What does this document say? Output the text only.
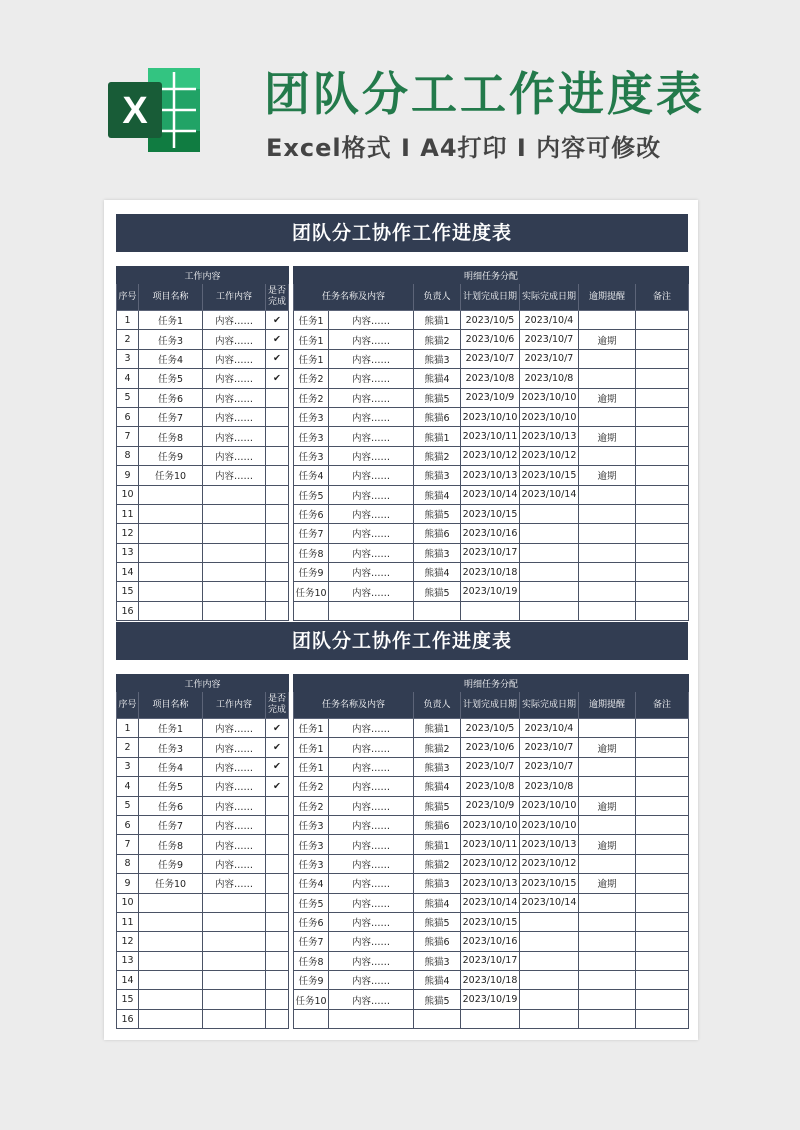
X	团队分工工作进度表
Excel格式 I A4打印 I 内容可修改
团队分工协作工作进度表
工作内容			
序号	项目名称	工作内容	是否完成
1	任务1	内容……	✔
2	任务3	内容……	✔
3	任务4	内容……	✔
4	任务5	内容……	✔
5	任务6	内容……	
6	任务7	内容……	
7	任务8	内容……	
8	任务9	内容……	
9	任务10	内容……	
10			
11			
12			
13			
14			
15			
16			
明细任务分配						
任务名称及内容		负责人	计划完成日期	实际完成日期	逾期提醒	备注
任务1	内容……	熊猫1	2023/10/5	2023/10/4		
任务1	内容……	熊猫2	2023/10/6	2023/10/7	逾期	
任务1	内容……	熊猫3	2023/10/7	2023/10/7		
任务2	内容……	熊猫4	2023/10/8	2023/10/8		
任务2	内容……	熊猫5	2023/10/9	2023/10/10	逾期	
任务3	内容……	熊猫6	2023/10/10	2023/10/10		
任务3	内容……	熊猫1	2023/10/11	2023/10/13	逾期	
任务3	内容……	熊猫2	2023/10/12	2023/10/12		
任务4	内容……	熊猫3	2023/10/13	2023/10/15	逾期	
任务5	内容……	熊猫4	2023/10/14	2023/10/14		
任务6	内容……	熊猫5	2023/10/15			
任务7	内容……	熊猫6	2023/10/16			
任务8	内容……	熊猫3	2023/10/17			
任务9	内容……	熊猫4	2023/10/18			
任务10	内容……	熊猫5	2023/10/19			

团队分工协作工作进度表
工作内容			
序号	项目名称	工作内容	是否完成
1	任务1	内容……	✔
2	任务3	内容……	✔
3	任务4	内容……	✔
4	任务5	内容……	✔
5	任务6	内容……	
6	任务7	内容……	
7	任务8	内容……	
8	任务9	内容……	
9	任务10	内容……	
10			
11			
12			
13			
14			
15			
16			
明细任务分配						
任务名称及内容		负责人	计划完成日期	实际完成日期	逾期提醒	备注
任务1	内容……	熊猫1	2023/10/5	2023/10/4		
任务1	内容……	熊猫2	2023/10/6	2023/10/7	逾期	
任务1	内容……	熊猫3	2023/10/7	2023/10/7		
任务2	内容……	熊猫4	2023/10/8	2023/10/8		
任务2	内容……	熊猫5	2023/10/9	2023/10/10	逾期	
任务3	内容……	熊猫6	2023/10/10	2023/10/10		
任务3	内容……	熊猫1	2023/10/11	2023/10/13	逾期	
任务3	内容……	熊猫2	2023/10/12	2023/10/12		
任务4	内容……	熊猫3	2023/10/13	2023/10/15	逾期	
任务5	内容……	熊猫4	2023/10/14	2023/10/14		
任务6	内容……	熊猫5	2023/10/15			
任务7	内容……	熊猫6	2023/10/16			
任务8	内容……	熊猫3	2023/10/17			
任务9	内容……	熊猫4	2023/10/18			
任务10	内容……	熊猫5	2023/10/19			
